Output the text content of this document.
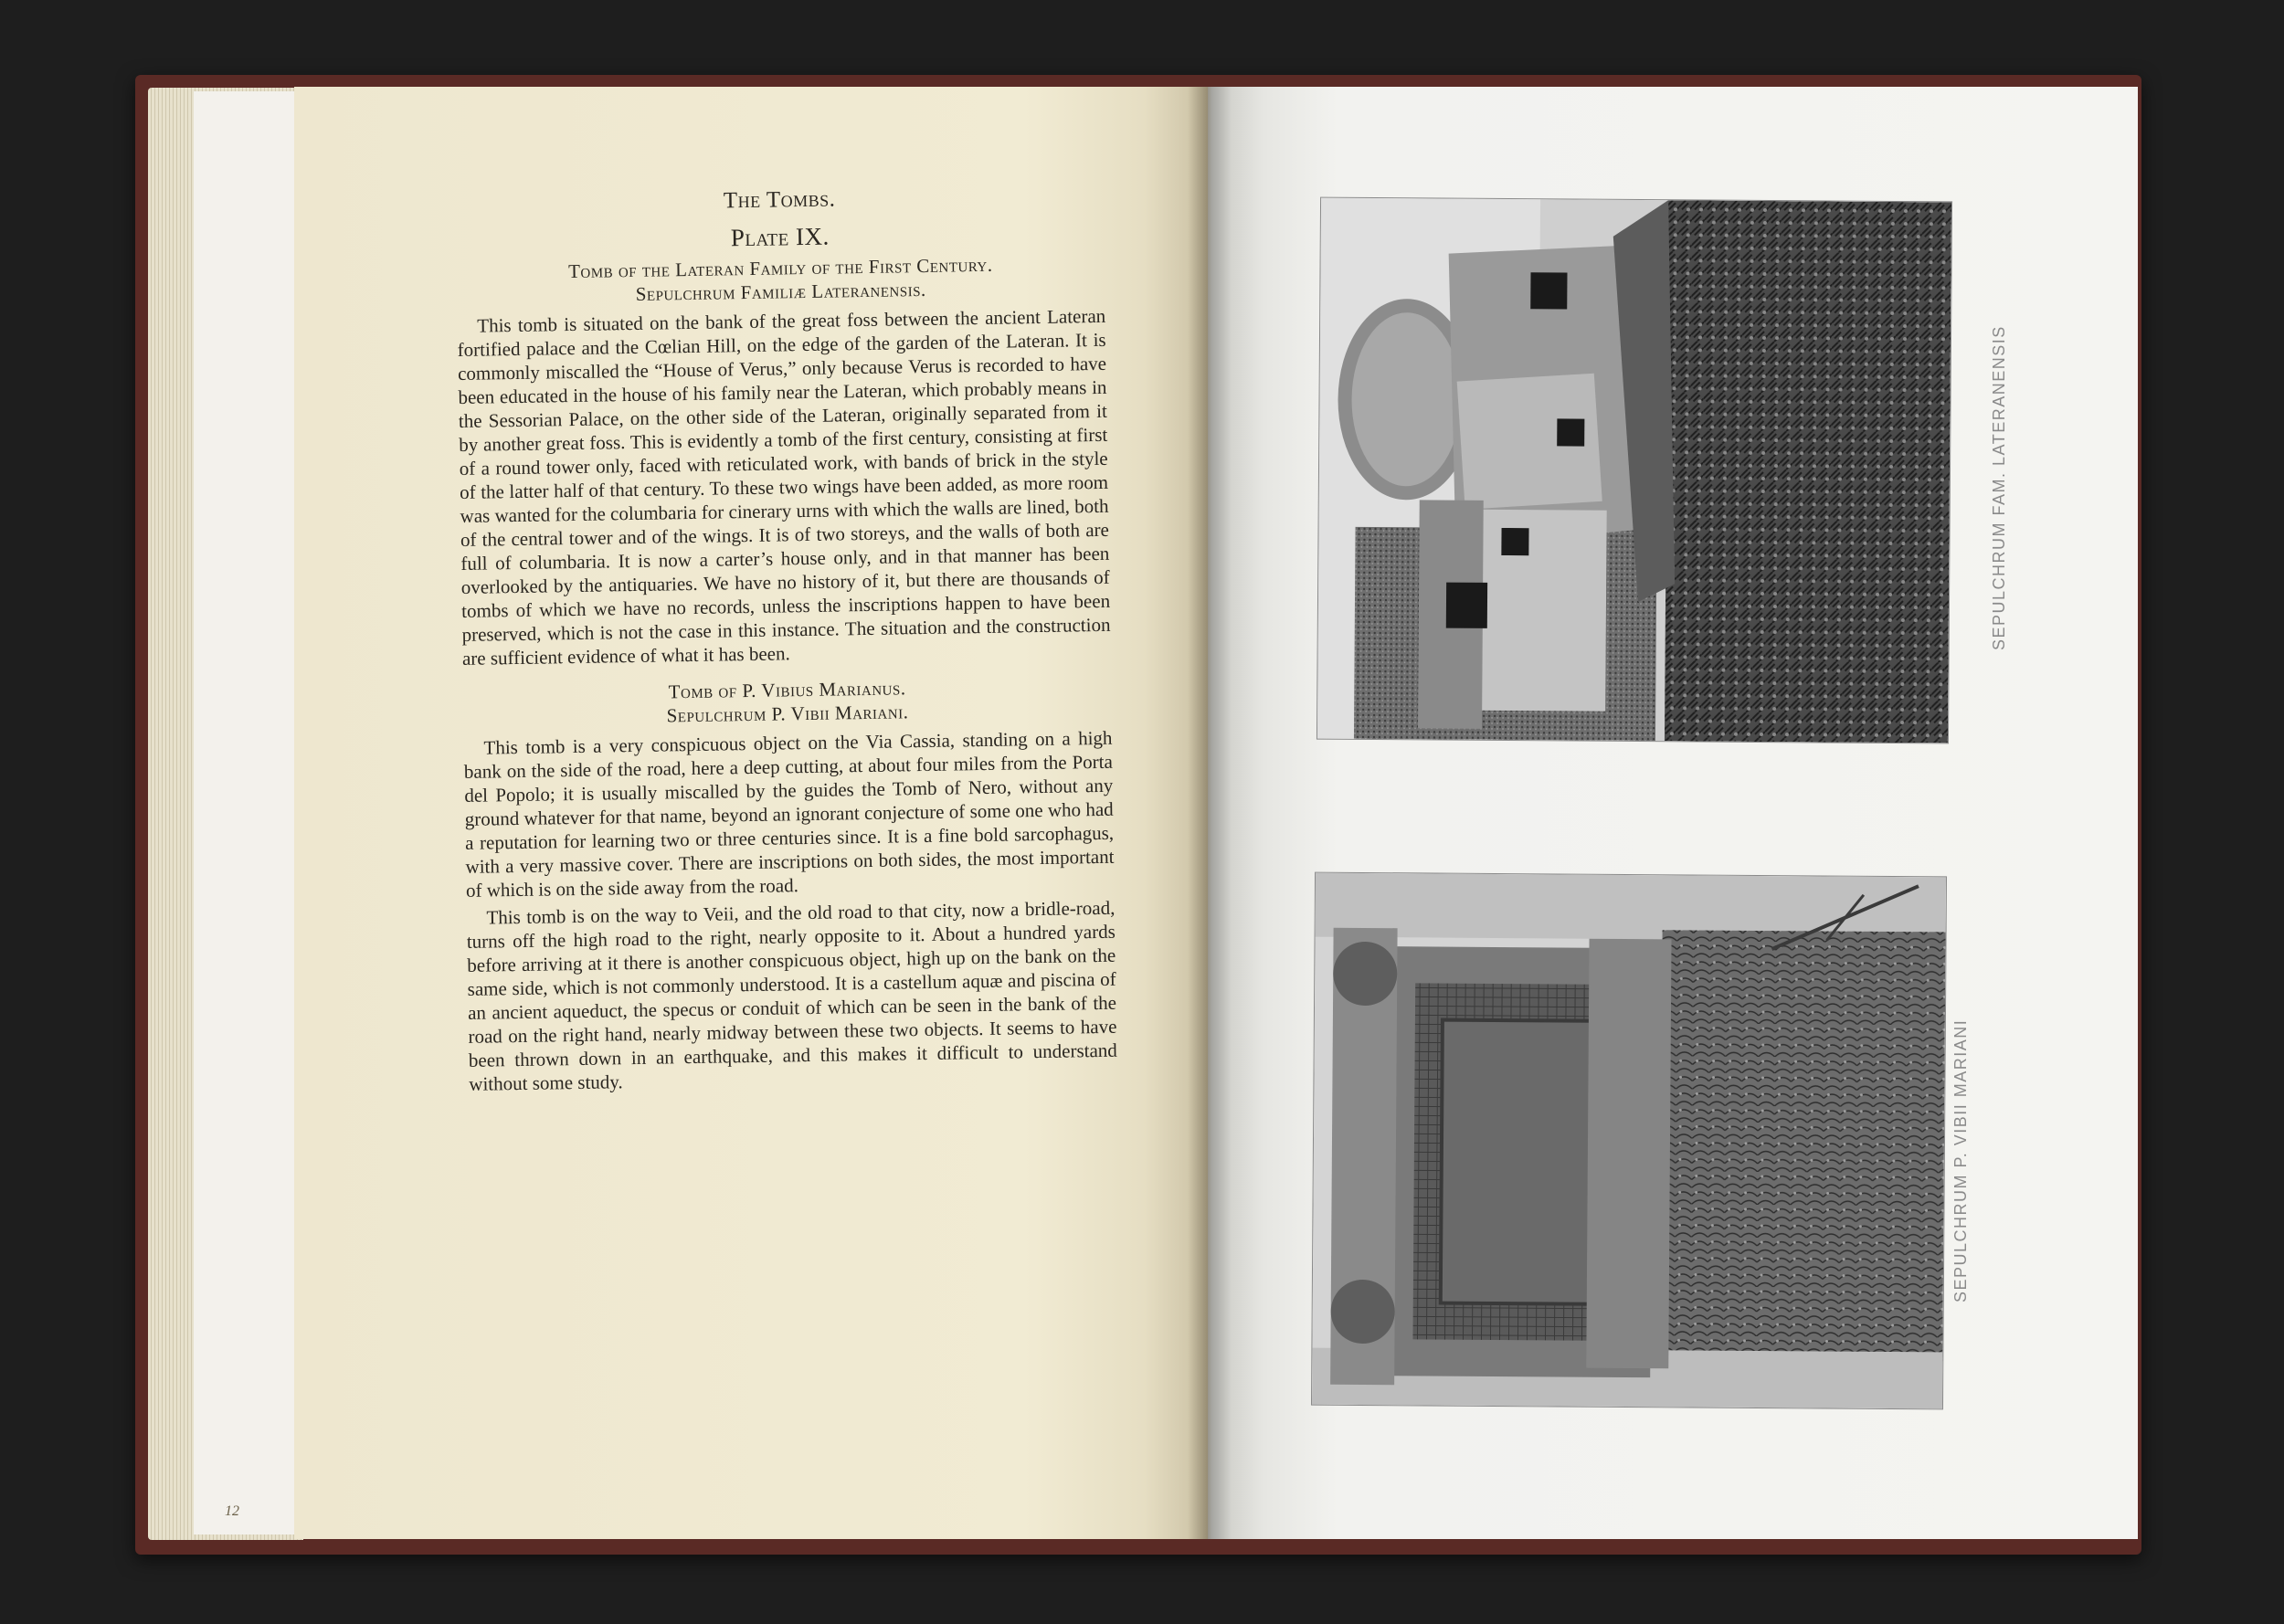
The Tombs.
Plate IX.
Tomb of the Lateran Family of the First Century.
Sepulchrum Familiæ Lateranensis.

This tomb is situated on the bank of the great foss between the ancient Lateran fortified palace and the Cœlian Hill, on the edge of the garden of the Lateran. It is commonly miscalled the “House of Verus,” only because Verus is recorded to have been educated in the house of his family near the Lateran, which probably means in the Sessorian Palace, on the other side of the Lateran, originally separated from it by another great foss. This is evidently a tomb of the first century, consisting at first of a round tower only, faced with reticulated work, with bands of brick in the style of the latter half of that century. To these two wings have been added, as more room was wanted for the columbaria for cinerary urns with which the walls are lined, both of the central tower and of the wings. It is of two storeys, and the walls of both are full of columbaria. It is now a carter’s house only, and in that manner has been overlooked by the antiquaries. We have no history of it, but there are thousands of tombs of which we have no records, unless the inscriptions happen to have been preserved, which is not the case in this instance. The situation and the construction are sufficient evidence of what it has been.

Tomb of P. Vibius Marianus.
Sepulchrum P. Vibii Mariani.

This tomb is a very conspicuous object on the Via Cassia, standing on a high bank on the side of the road, here a deep cutting, at about four miles from the Porta del Popolo; it is usually miscalled by the guides the Tomb of Nero, without any ground whatever for that name, beyond an ignorant conjecture of some one who had a reputation for learning two or three centuries since. It is a fine bold sarcophagus, with a very massive cover. There are inscriptions on both sides, the most important of which is on the side away from the road.

This tomb is on the way to Veii, and the old road to that city, now a bridle-road, turns off the high road to the right, nearly opposite to it. About a hundred yards before arriving at it there is another conspicuous object, high up on the bank on the same side, which is not commonly understood. It is a castellum aquæ and piscina of an ancient aqueduct, the specus or conduit of which can be seen in the bank of the road on the right hand, nearly midway between these two objects. It seems to have been thrown down in an earthquake, and this makes it difficult to understand without some study.

12
SEPULCHRUM FAM. LATERANENSIS
SEPULCHRUM P. VIBII MARIANI
